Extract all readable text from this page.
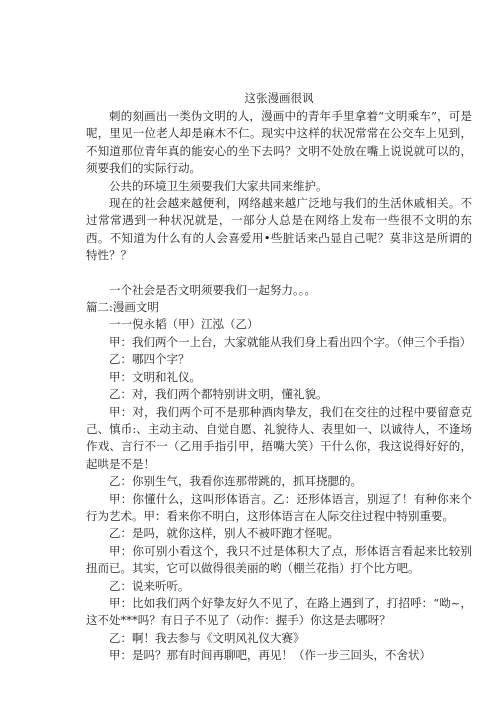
这张漫画很讽

刺的刻画出一类伪文明的人，漫画中的青年手里拿着“文明乘车”，可是呢，里见一位老人却是麻木不仁。现实中这样的状况常常在公交车上见到，不知道那位青年真的能安心的坐下去吗？文明不处放在嘴上说说就可以的，须要我们的实际行动。

公共的环境卫生须要我们大家共同来维护。

现在的社会越来越便利，网络越来越广泛地与我们的生活休戚相关。不过常常遇到一种状况就是，一部分人总是在网络上发布一些很不文明的东西。不知道为什么有的人会喜爱用•些脏话来凸显自己呢？莫非这是所谓的特性？？

一个社会是否文明须要我们一起努力。。。

篇二:漫画文明

一一倪永韬（甲）江泓（乙）

甲：我们两个一上台，大家就能从我们身上看出四个字。（伸三个手指）

乙：哪四个字？

甲：文明和礼仪。

乙：对，我们两个都特别讲文明，懂礼貌。

甲：对，我们两个可不是那种酒肉挚友，我们在交往的过程中要留意克己、慎币:、主动主动、自觉自愿、礼貌待人、表里如一、以诚待人，不逢场作戏、言行不一（乙用手指引甲，捂嘴大笑）干什么你，我这说得好好的，起哄是不是！

乙：你别生气，我看你连那带跳的，抓耳挠腮的。

甲：你懂什么，这叫形体语言。乙：还形体语言，别逗了！有种你来个行为艺术。甲：看来你不明白，这形体语言在人际交往过程中特别重要。

乙：是吗，就你这样，别人不被吓跑才怪呢。

甲：你可别小看这个，我只不过是体积大了点，形体语言看起来比较别扭而已。其实，它可以做得很美丽的哟（棚兰花指）打个比方吧。

乙：说来听听。

甲：比如我们两个好挚友好久不见了，在路上遇到了，打招呼：“呦~，这不处***吗？有日子不见了（动作：握手）你这是去哪呀？

乙：啊！我去参与《文明风礼仪大赛》

甲：是吗？那有时间再聊吧，再见！（作一步三回头，不舍状）
